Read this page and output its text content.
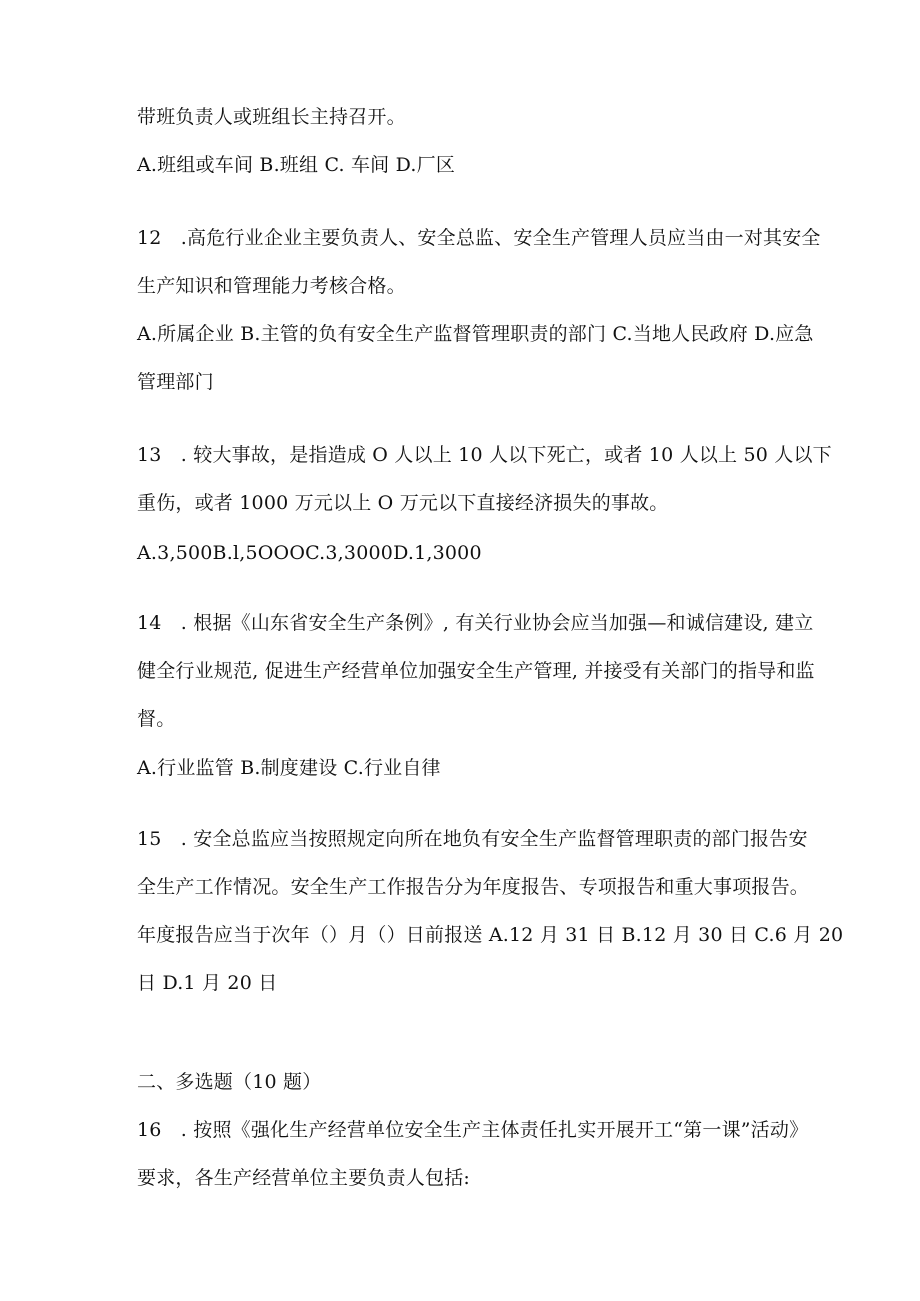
带班负责人或班组长主持召开。
A.班组或车间 B.班组 C. 车间 D.厂区
12　.高危行业企业主要负责人、安全总监、安全生产管理人员应当由一对其安全
生产知识和管理能力考核合格。
A.所属企业 B.主管的负有安全生产监督管理职责的部门 C.当地人民政府 D.应急
管理部门
13　. 较大事故，是指造成 O 人以上 10 人以下死亡，或者 10 人以上 50 人以下
重伤，或者 1000 万元以上 O 万元以下直接经济损失的事故。
A.3,500B.l,5OOOC.3,3000D.1,3000
14　. 根据《山东省安全生产条例》, 有关行业协会应当加强—和诚信建设, 建立
健全行业规范, 促进生产经营单位加强安全生产管理, 并接受有关部门的指导和监
督。
A.行业监管 B.制度建设 C.行业自律
15　. 安全总监应当按照规定向所在地负有安全生产监督管理职责的部门报告安
全生产工作情况。安全生产工作报告分为年度报告、专项报告和重大事项报告。
年度报告应当于次年（）月（）日前报送 A.12 月 31 日 B.12 月 30 日 C.6 月 20
日 D.1 月 20 日
二、多选题（10 题）
16　. 按照《强化生产经营单位安全生产主体责任扎实开展开工“第一课”活动》
要求，各生产经营单位主要负责人包括:
